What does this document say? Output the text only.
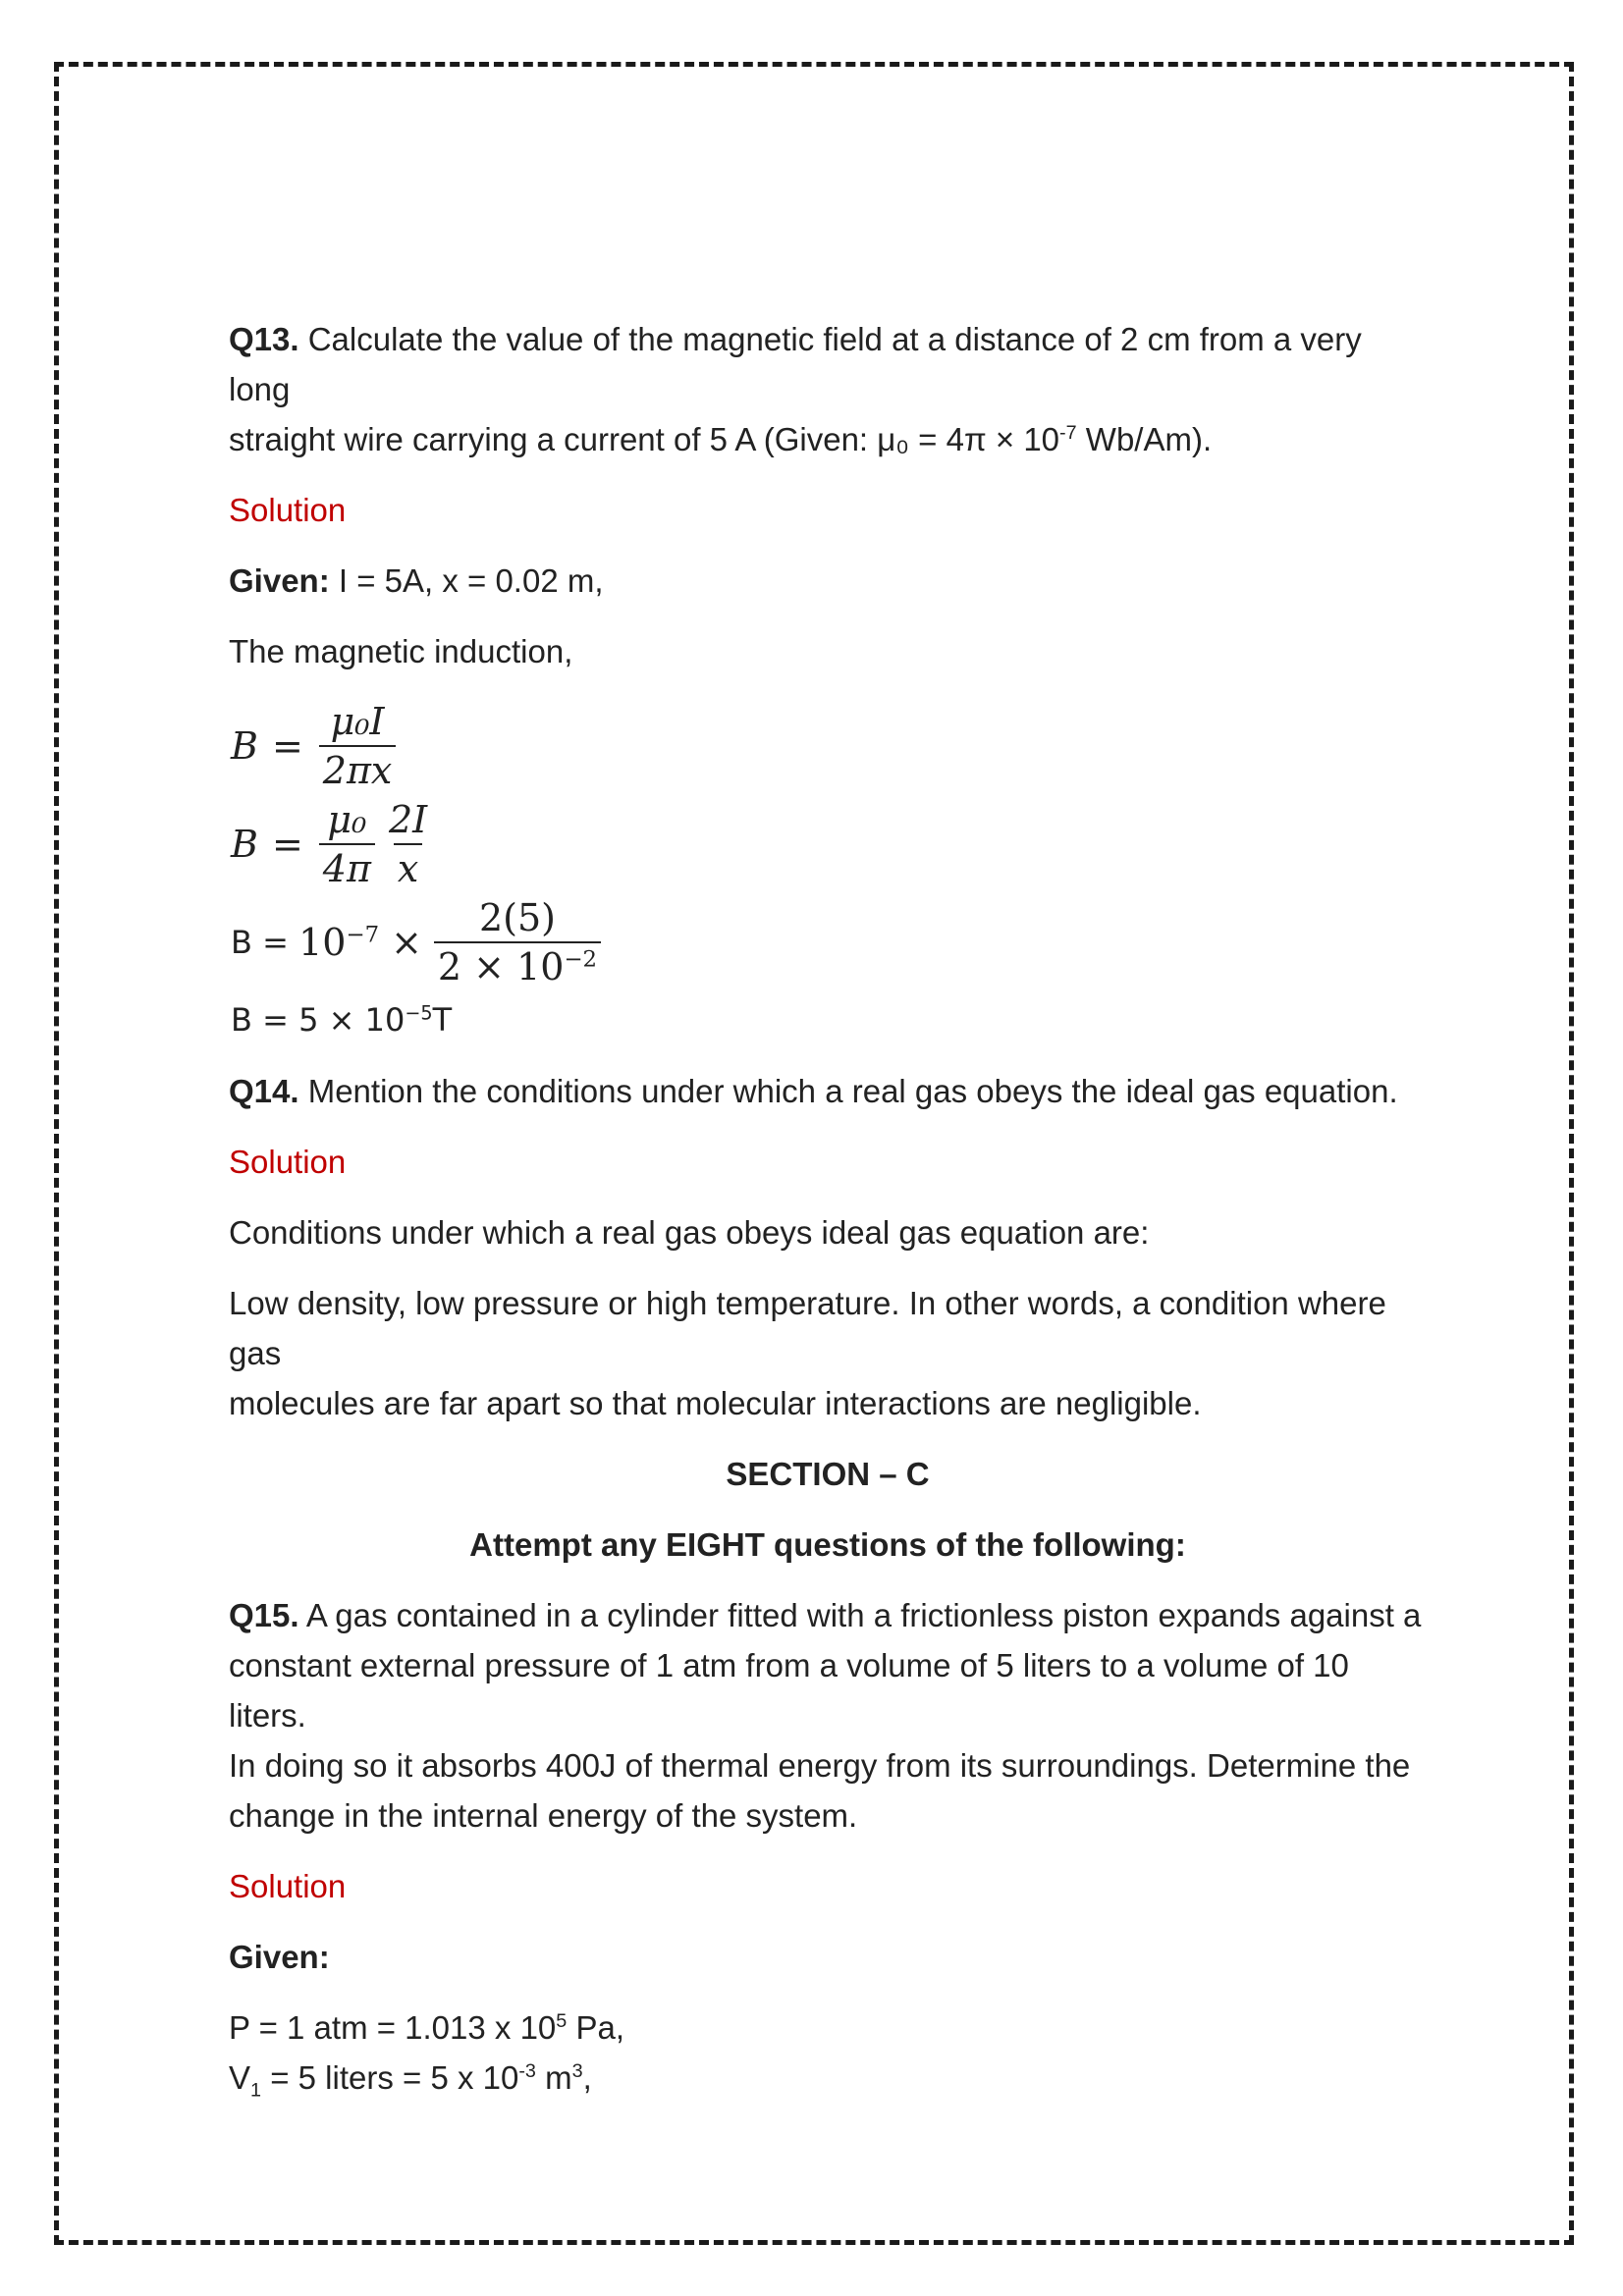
Q13. Calculate the value of the magnetic field at a distance of 2 cm from a very long
straight wire carrying a current of 5 A (Given: $\mu_0 = 4\pi \times 10^{-7}$ Wb/Am).

Solution

Given: I = 5A, x = 0.02 m,

The magnetic induction,

$B = \frac{\text{μ₀I}}{2\pi x}$
$B = \frac{\text{μ₀}}{4\pi} \frac{2I}{x}$
$B = 10^{-7} \times \frac{2(5)}{2 \times 10^{-2}}$

$B = 5 \times 10^{-5}T$

Q14. Mention the conditions under which a real gas obeys the ideal gas equation.

Solution

Conditions under which a real gas obeys ideal gas equation are:

Low density, low pressure or high temperature. In other words, a condition where gas
molecules are far apart so that molecular interactions are negligible.

SECTION – C

Attempt any EIGHT questions of the following:

Q15. A gas contained in a cylinder fitted with a frictionless piston expands against a
constant external pressure of 1 atm from a volume of 5 liters to a volume of 10 liters.
In doing so it absorbs 400J of thermal energy from its surroundings. Determine the
change in the internal energy of the system.

Solution

Given:

P = 1 atm = 1.013 x $10^5$ Pa,
$V_1 = 5$ liters = 5 x $10^{-3}$ $m^3$,
